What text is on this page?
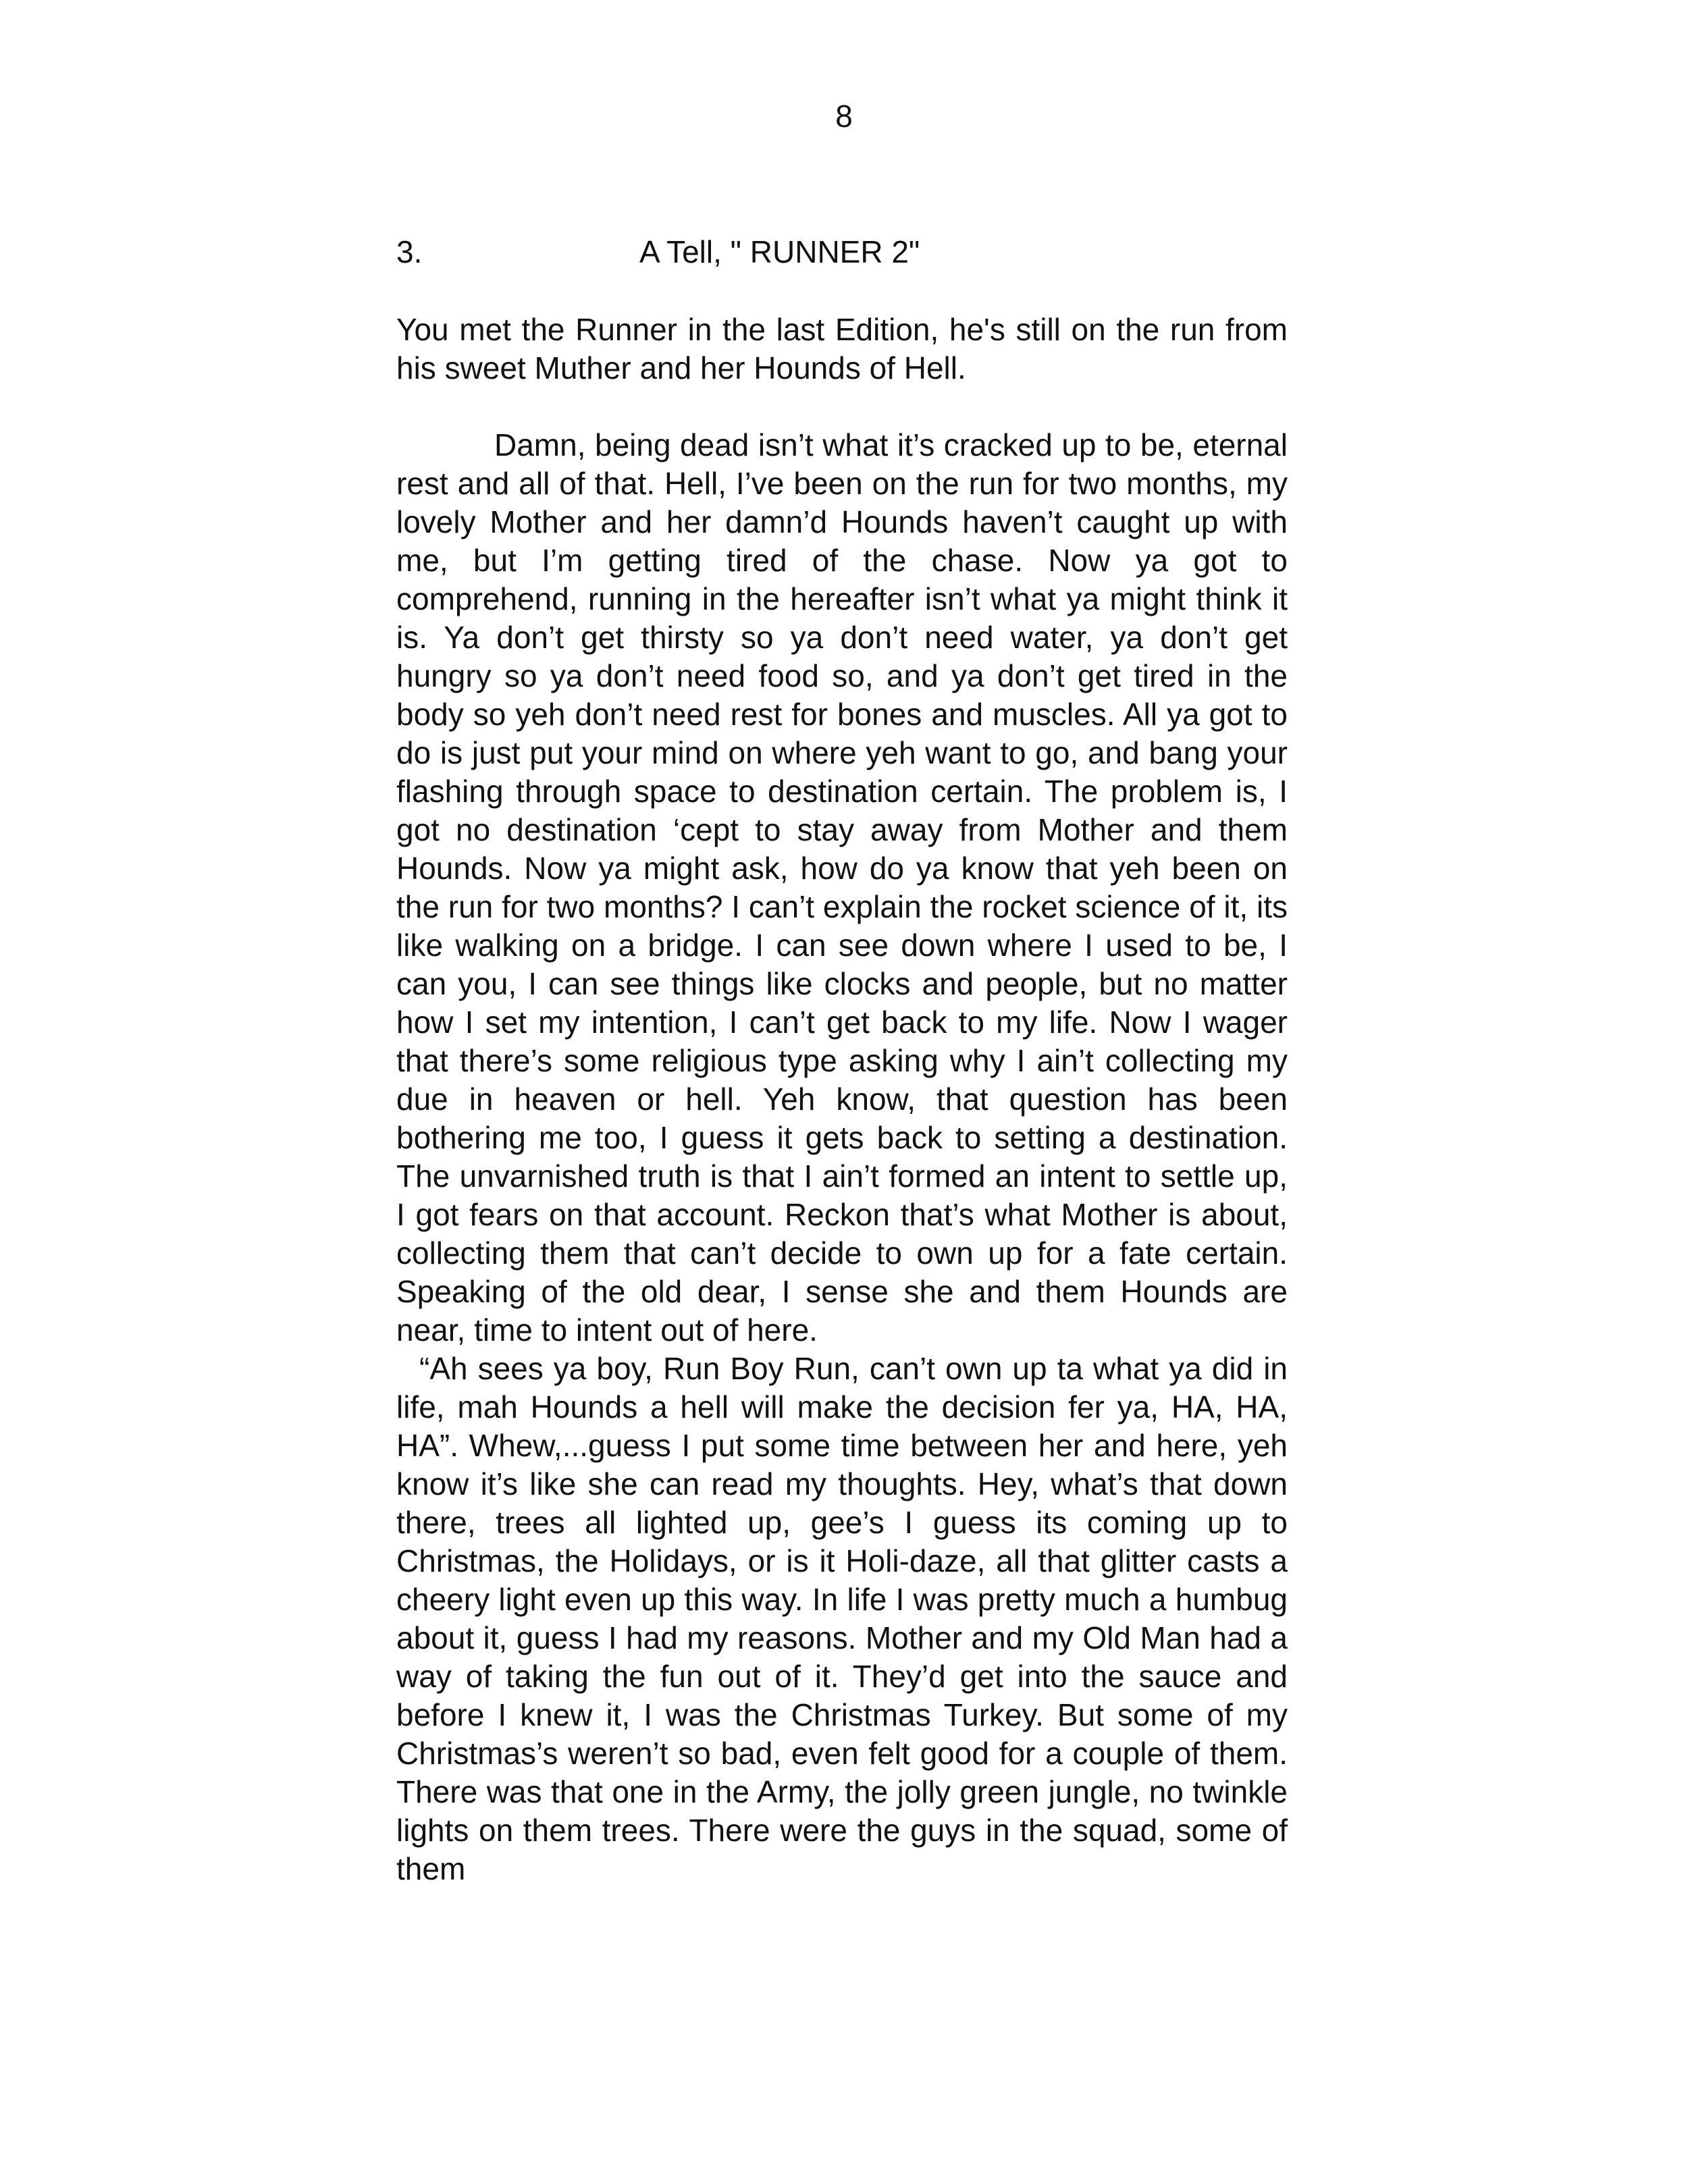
8
3.	A Tell, " RUNNER 2"

You met the Runner in the last Edition, he's still on the run from his sweet Muther and her Hounds of Hell.

Damn, being dead isn’t what it’s cracked up to be, eternal rest and all of that. Hell, I’ve been on the run for two months, my lovely Mother and her damn’d Hounds haven’t caught up with me, but I’m getting tired of the chase. Now ya got to comprehend, running in the hereafter isn’t what ya might think it is. Ya don’t get thirsty so ya don’t need water, ya don’t get hungry so ya don’t need food so, and ya don’t get tired in the body so yeh don’t need rest for bones and muscles. All ya got to do is just put your mind on where yeh want to go, and bang your flashing through space to destination certain. The problem is, I got no destination ‘cept to stay away from Mother and them Hounds. Now ya might ask, how do ya know that yeh been on the run for two months? I can’t explain the rocket science of it, its like walking on a bridge. I can see down where I used to be, I can you, I can see things like clocks and people, but no matter how I set my intention, I can’t get back to my life. Now I wager that there’s some religious type asking why I ain’t collecting my due in heaven or hell. Yeh know, that question has been bothering me too, I guess it gets back to setting a destination. The unvarnished truth is that I ain’t formed an intent to settle up, I got fears on that account. Reckon that’s what Mother is about, collecting them that can’t decide to own up for a fate certain. Speaking of the old dear, I sense she and them Hounds are near, time to intent out of here.

“Ah sees ya boy, Run Boy Run, can’t own up ta what ya did in life, mah Hounds a hell will make the decision fer ya, HA, HA, HA”. Whew,...guess I put some time between her and here, yeh know it’s like she can read my thoughts. Hey, what’s that down there, trees all lighted up, gee’s I guess its coming up to Christmas, the Holidays, or is it Holi-daze, all that glitter casts a cheery light even up this way. In life I was pretty much a humbug about it, guess I had my reasons. Mother and my Old Man had a way of taking the fun out of it. They’d get into the sauce and before I knew it, I was the Christmas Turkey. But some of my Christmas’s weren’t so bad, even felt good for a couple of them. There was that one in the Army, the jolly green jungle, no twinkle lights on them trees. There were the guys in the squad, some of them
